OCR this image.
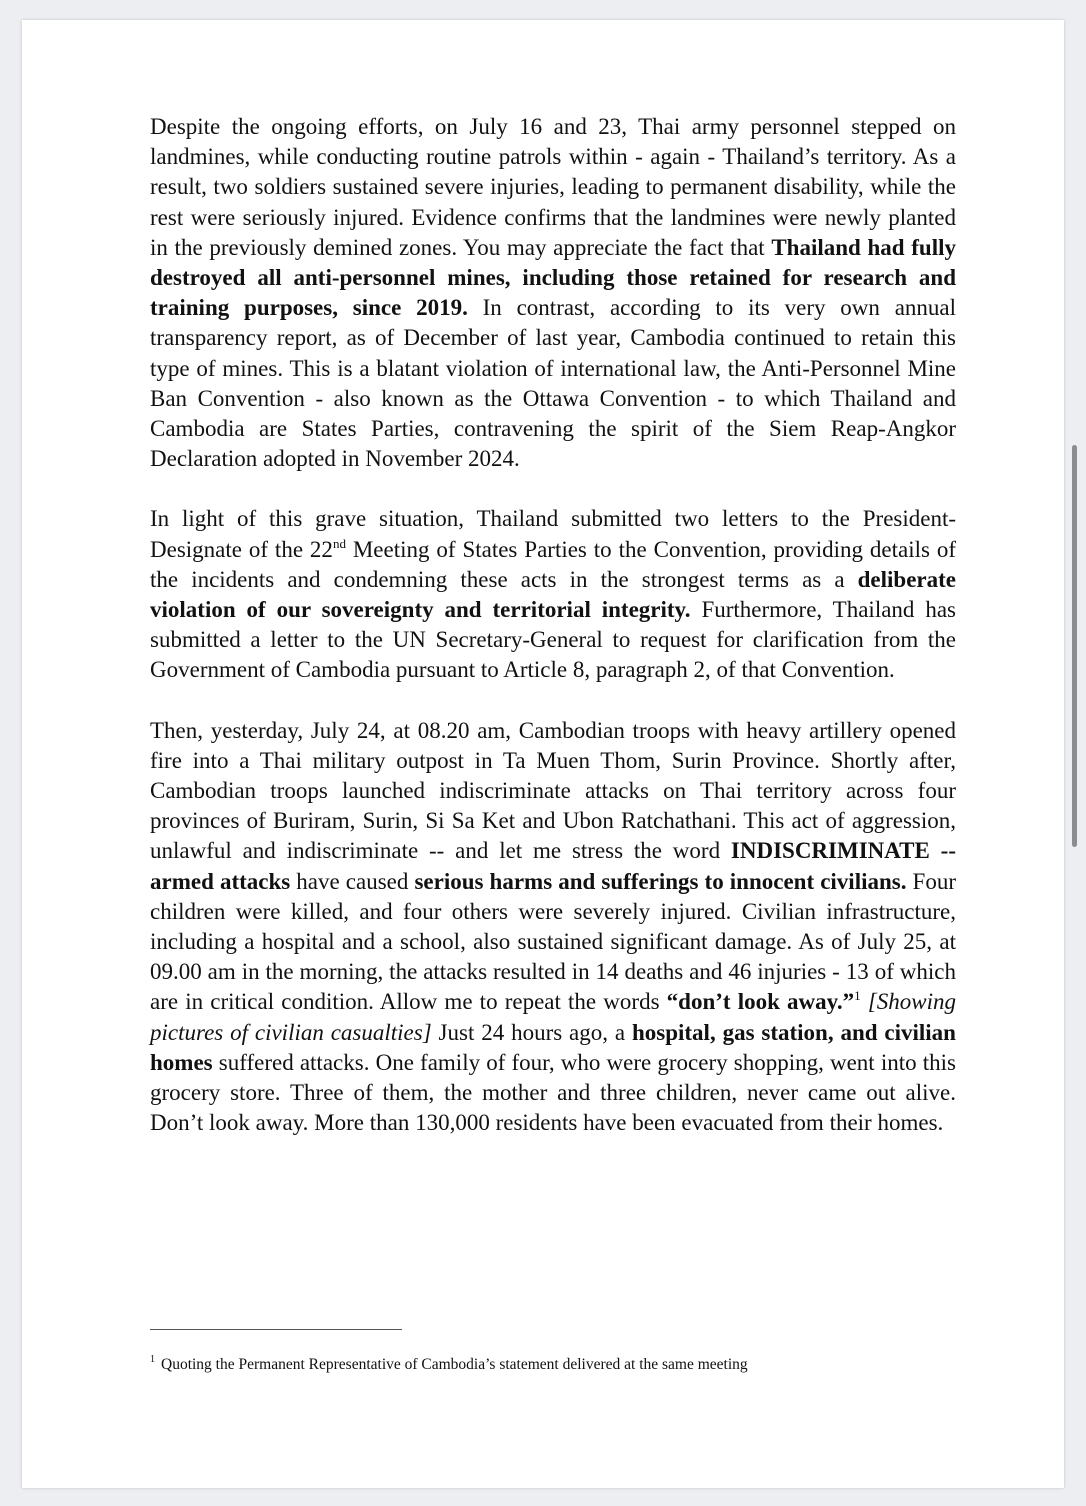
Despite the ongoing efforts, on July 16 and 23, Thai army personnel stepped on landmines, while conducting routine patrols within - again - Thailand’s territory. As a result, two soldiers sustained severe injuries, leading to permanent disability, while the rest were seriously injured. Evidence confirms that the landmines were newly planted in the previously demined zones. You may appreciate the fact that Thailand had fully destroyed all anti-personnel mines, including those retained for research and training purposes, since 2019. In contrast, according to its very own annual transparency report, as of December of last year, Cambodia continued to retain this type of mines. This is a blatant violation of international law, the Anti-Personnel Mine Ban Convention - also known as the Ottawa Convention - to which Thailand and Cambodia are States Parties, contravening the spirit of the Siem Reap-Angkor Declaration adopted in November 2024.

In light of this grave situation, Thailand submitted two letters to the President-Designate of the 22nd Meeting of States Parties to the Convention, providing details of the incidents and condemning these acts in the strongest terms as a deliberate violation of our sovereignty and territorial integrity. Furthermore, Thailand has submitted a letter to the UN Secretary-General to request for clarification from the Government of Cambodia pursuant to Article 8, paragraph 2, of that Convention.

Then, yesterday, July 24, at 08.20 am, Cambodian troops with heavy artillery opened fire into a Thai military outpost in Ta Muen Thom, Surin Province. Shortly after, Cambodian troops launched indiscriminate attacks on Thai territory across four provinces of Buriram, Surin, Si Sa Ket and Ubon Ratchathani. This act of aggression, unlawful and indiscriminate -- and let me stress the word INDISCRIMINATE -- armed attacks have caused serious harms and sufferings to innocent civilians. Four children were killed, and four others were severely injured. Civilian infrastructure, including a hospital and a school, also sustained significant damage. As of July 25, at 09.00 am in the morning, the attacks resulted in 14 deaths and 46 injuries - 13 of which are in critical condition. Allow me to repeat the words “don’t look away.”$^1$ [Showing pictures of civilian casualties] Just 24 hours ago, a hospital, gas station, and civilian homes suffered attacks. One family of four, who were grocery shopping, went into this grocery store. Three of them, the mother and three children, never came out alive. Don’t look away. More than 130,000 residents have been evacuated from their homes.

$^1$ Quoting the Permanent Representative of Cambodia’s statement delivered at the same meeting
